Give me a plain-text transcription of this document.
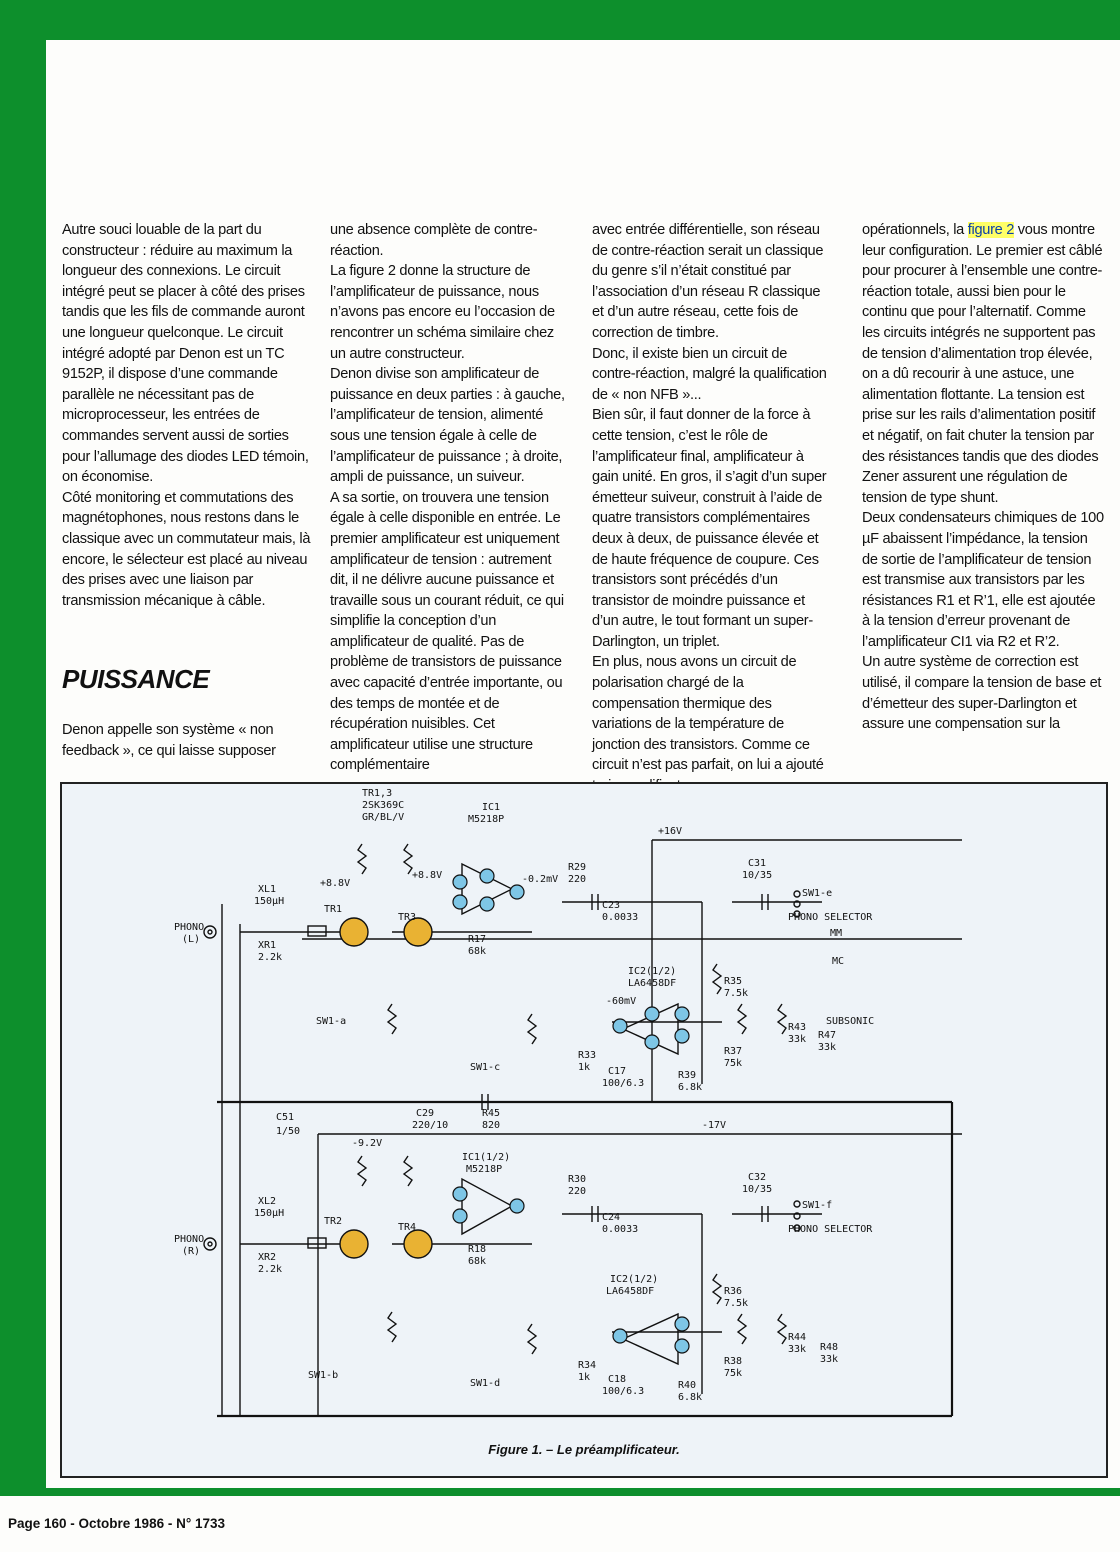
Autre souci louable de la part du constructeur : réduire au maximum la longueur des connexions. Le circuit intégré peut se placer à côté des prises tandis que les fils de commande auront une longueur quelconque. Le circuit intégré adopté par Denon est un TC 9152P, il dispose d’une commande parallèle ne nécessitant pas de microprocesseur, les entrées de commandes servent aussi de sorties pour l’allumage des diodes LED témoin, on économise.

Côté monitoring et commutations des magnétophones, nous restons dans le classique avec un commutateur mais, là encore, le sélecteur est placé au niveau des prises avec une liaison par transmission mécanique à câble.

PUISSANCE

Denon appelle son système « non feedback », ce qui laisse supposer

une absence complète de contre-réaction.

La figure 2 donne la structure de l’amplificateur de puissance, nous n’avons pas encore eu l’occasion de rencontrer un schéma similaire chez un autre constructeur.

Denon divise son amplificateur de puissance en deux parties : à gauche, l’amplificateur de tension, alimenté sous une tension égale à celle de l’amplificateur de puissance ; à droite, ampli de puissance, un suiveur.

A sa sortie, on trouvera une tension égale à celle disponible en entrée. Le premier amplificateur est uniquement amplificateur de tension : autrement dit, il ne délivre aucune puissance et travaille sous un courant réduit, ce qui simplifie la conception d’un amplificateur de qualité. Pas de problème de transistors de puissance avec capacité d’entrée importante, ou des temps de montée et de récupération nuisibles. Cet amplificateur utilise une structure complémentaire

avec entrée différentielle, son réseau de contre-réaction serait un classique du genre s’il n’était constitué par l’association d’un réseau R classique et d’un autre réseau, cette fois de correction de timbre.

Donc, il existe bien un circuit de contre-réaction, malgré la qualification de « non NFB »...

Bien sûr, il faut donner de la force à cette tension, c’est le rôle de l’amplificateur final, amplificateur à gain unité. En gros, il s’agit d’un super émetteur suiveur, construit à l’aide de quatre transistors complémentaires deux à deux, de puissance élevée et de haute fréquence de coupure. Ces transistors sont précédés d’un transistor de moindre puissance et d’un autre, le tout formant un super-Darlington, un triplet.

En plus, nous avons un circuit de polarisation chargé de la compensation thermique des variations de la température de jonction des transistors. Comme ce circuit n’est pas parfait, on lui a ajouté

opérationnels, la figure 2 vous montre leur configuration. Le premier est câblé pour procurer à l’ensemble une contre-réaction totale, aussi bien pour le continu que pour l’alternatif. Comme les circuits intégrés ne supportent pas de tension d’alimentation trop élevée, on a dû recourir à une astuce, une alimentation flottante. La tension est prise sur les rails d’alimentation positif et négatif, on fait chuter la tension par des résistances tandis que des diodes Zener assurent une régulation de tension de type shunt.

Deux condensateurs chimiques de 100 µF abaissent l’impédance, la tension de sortie de l’amplificateur de tension est transmise aux transistors par les résistances R1 et R’1, elle est ajoutée à la tension d’erreur provenant de l’amplificateur CI1 via R2 et R’2.

Un autre système de correction est utilisé, il compare la tension de base et d’émetteur des super-Darlington et assure une compensation sur la

TR1,3
2SK369C
GR/BL/V
IC1
M5218P
+16V
-17V
-9.2V
+8.8V
+8.8V	-0.2mV
-60mV
PHONO
(L)
PHONO
(R)
XL1
150µH
XL2
150µH
XR1
2.2k
XR2
2.2k
IC2(1/2)
LA6458DF
IC2(1/2)
LA6458DF
IC1(1/2)
M5218P
PHONO SELECTOR
PHONO SELECTOR
MM
MC
SUBSONIC
SW1-e
SW1-f
SW1-a
SW1-b
SW1-c
SW1-d
C31
10/35
C32
10/35
R29
220
R30
220
C23
0.0033
C24
0.0033
R45
820
C29
220/10
C51
1/50
TR1
TR2
TR3
TR4
R17
68k
R18
68k
R35
7.5k
R36
7.5k
R37
75k
R38
75k
R43
33k
R44
33k
R47
33k
R48
33k
C17
100/6.3
C18
100/6.3
R33
1k
R34
1k
R39
6.8k
R40
6.8k
Figure 1. – Le préamplificateur.
Page 160 - Octobre 1986 - N° 1733
